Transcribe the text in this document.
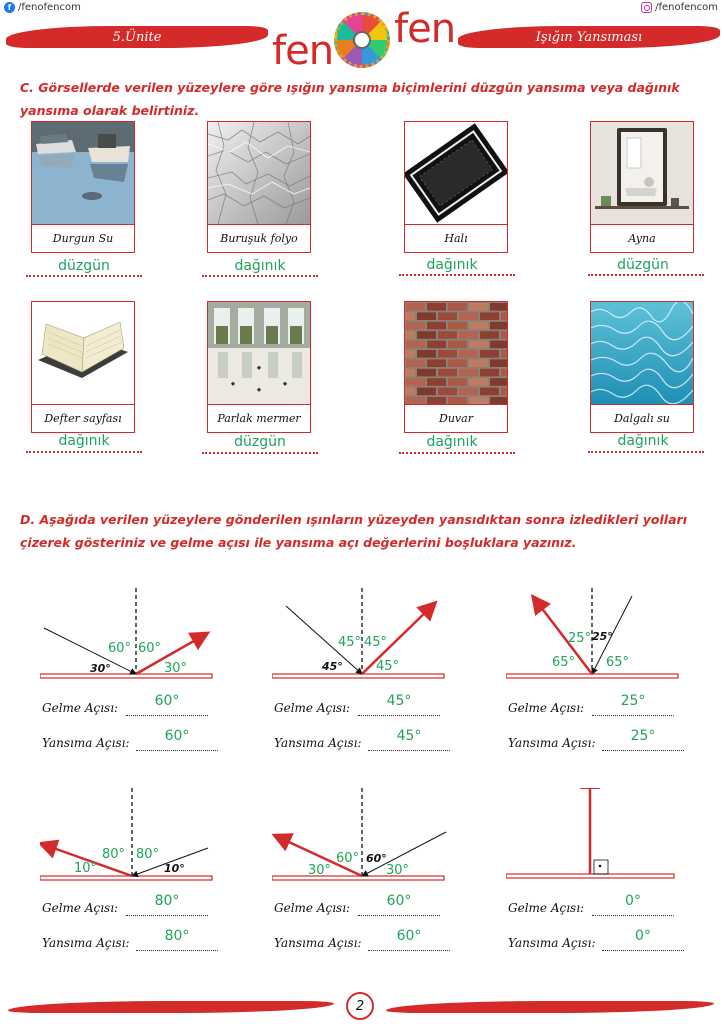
f /fenofencom	/fenofencom
5.Ünite	Işığın Yansıması
fen fen
C. Görsellerde verilen yüzeylere göre ışığın yansıma biçimlerini düzgün yansıma veya dağınık yansıma olarak belirtiniz.
Durgun Su
düzgün
Buruşuk folyo
dağınık
Halı
dağınık
Ayna
düzgün
Defter sayfası
dağınık
Parlak mermer
düzgün
Duvar
dağınık
Dalgalı su
dağınık
D. Aşağıda verilen yüzeylere gönderilen ışınların yüzeyden yansıdıktan sonra izledikleri yolları çizerek gösteriniz ve gelme açısı ile yansıma açı değerlerini boşluklara yazınız.
60° 60°
30°	30°
Gelme Açısı:	60°
Yansıma Açısı:	60°
45° 45°
45°	45°
Gelme Açısı:	45°
Yansıma Açısı:	45°
25° 25°
65° 65°
Gelme Açısı:	25°
Yansıma Açısı:	25°
80° 80°
10°
10°
Gelme Açısı:	80°
Yansıma Açısı:	80°
60° 60°
30°	30°
Gelme Açısı:	60°
Yansıma Açısı:	60°
Gelme Açısı:	0°
Yansıma Açısı:	0°
2
